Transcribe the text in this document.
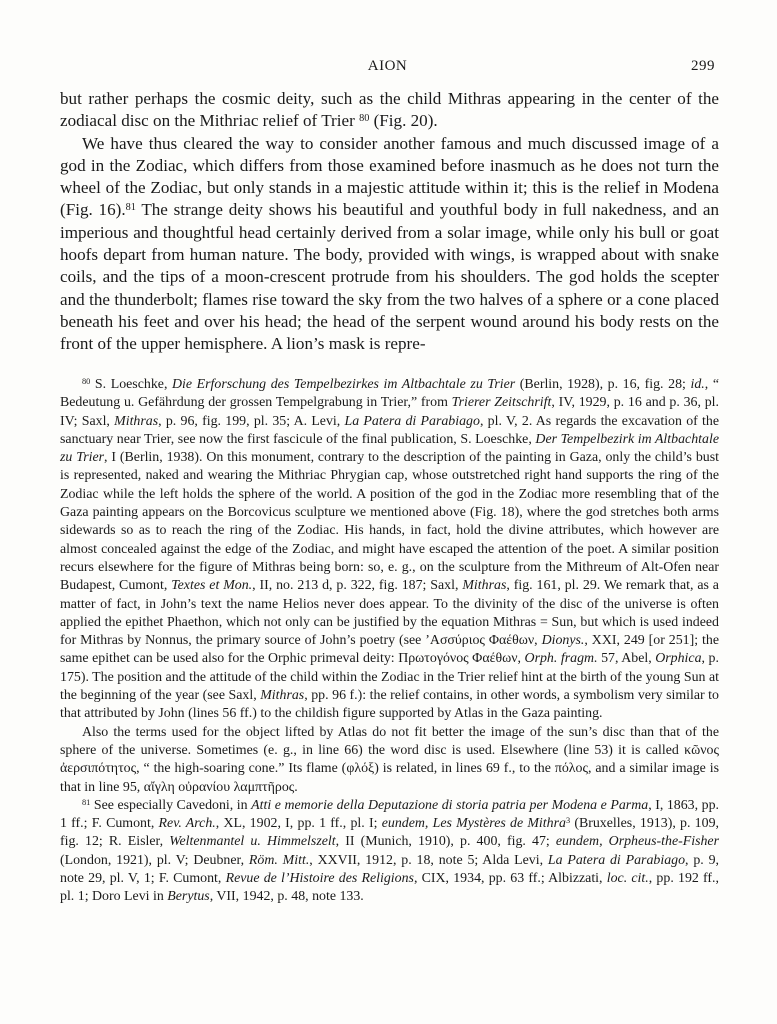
AION	299

but rather perhaps the cosmic deity, such as the child Mithras appearing in the center of the zodiacal disc on the Mithriac relief of Trier $^{80}$ (Fig. 20).

We have thus cleared the way to consider another famous and much discussed image of a god in the Zodiac, which differs from those examined before inasmuch as he does not turn the wheel of the Zodiac, but only stands in a majestic attitude within it; this is the relief in Modena (Fig. 16).$^{81}$ The strange deity shows his beautiful and youthful body in full nakedness, and an imperious and thoughtful head certainly derived from a solar image, while only his bull or goat hoofs depart from human nature. The body, provided with wings, is wrapped about with snake coils, and the tips of a moon-crescent protrude from his shoulders. The god holds the scepter and the thunderbolt; flames rise toward the sky from the two halves of a sphere or a cone placed beneath his feet and over his head; the head of the serpent wound around his body rests on the front of the upper hemisphere. A lion’s mask is repre-

$^{80}$ S. Loeschke, Die Erforschung des Tempelbezirkes im Altbachtale zu Trier (Berlin, 1928), p. 16, fig. 28; id., “ Bedeutung u. Gefährdung der grossen Tempelgrabung in Trier,” from Trierer Zeitschrift, IV, 1929, p. 16 and p. 36, pl. IV; Saxl, Mithras, p. 96, fig. 199, pl. 35; A. Levi, La Patera di Parabiago, pl. V, 2. As regards the excavation of the sanctuary near Trier, see now the first fascicule of the final publication, S. Loeschke, Der Tempelbezirk im Altbachtale zu Trier, I (Berlin, 1938). On this monument, contrary to the description of the painting in Gaza, only the child’s bust is represented, naked and wearing the Mithriac Phrygian cap, whose outstretched right hand supports the ring of the Zodiac while the left holds the sphere of the world. A position of the god in the Zodiac more resembling that of the Gaza painting appears on the Borcovicus sculpture we mentioned above (Fig. 18), where the god stretches both arms sidewards so as to reach the ring of the Zodiac. His hands, in fact, hold the divine attributes, which however are almost concealed against the edge of the Zodiac, and might have escaped the attention of the poet. A similar position recurs elsewhere for the figure of Mithras being born: so, e. g., on the sculpture from the Mithreum of Alt-Ofen near Budapest, Cumont, Textes et Mon., II, no. 213 d, p. 322, fig. 187; Saxl, Mithras, fig. 161, pl. 29. We remark that, as a matter of fact, in John’s text the name Helios never does appear. To the divinity of the disc of the universe is often applied the epithet Phaethon, which not only can be justified by the equation Mithras = Sun, but which is used indeed for Mithras by Nonnus, the primary source of John’s poetry (see ’Ασσύριος Φαέθων, Dionys., XXI, 249 [or 251]; the same epithet can be used also for the Orphic primeval deity: Πρωτογόνος Φαέθων, Orph. fragm. 57, Abel, Orphica, p. 175). The position and the attitude of the child within the Zodiac in the Trier relief hint at the birth of the young Sun at the beginning of the year (see Saxl, Mithras, pp. 96 f.): the relief contains, in other words, a symbolism very similar to that attributed by John (lines 56 ff.) to the childish figure supported by Atlas in the Gaza painting.

Also the terms used for the object lifted by Atlas do not fit better the image of the sun’s disc than that of the sphere of the universe. Sometimes (e. g., in line 66) the word disc is used. Elsewhere (line 53) it is called κῶνος ἀερσιπότητος, “ the high-soaring cone.” Its flame (φλόξ) is related, in lines 69 f., to the πόλος, and a similar image is that in line 95, αἴγλη οὐρανίου λαμπτῆρος.

$^{81}$ See especially Cavedoni, in Atti e memorie della Deputazione di storia patria per Modena e Parma, I, 1863, pp. 1 ff.; F. Cumont, Rev. Arch., XL, 1902, I, pp. 1 ff., pl. I; eundem, Les Mystères de Mithra$^3$ (Bruxelles, 1913), p. 109, fig. 12; R. Eisler, Weltenmantel u. Himmelszelt, II (Munich, 1910), p. 400, fig. 47; eundem, Orpheus-the-Fisher (London, 1921), pl. V; Deubner, Röm. Mitt., XXVII, 1912, p. 18, note 5; Alda Levi, La Patera di Parabiago, p. 9, note 29, pl. V, 1; F. Cumont, Revue de l’Histoire des Religions, CIX, 1934, pp. 63 ff.; Albizzati, loc. cit., pp. 192 ff., pl. 1; Doro Levi in Berytus, VII, 1942, p. 48, note 133.
